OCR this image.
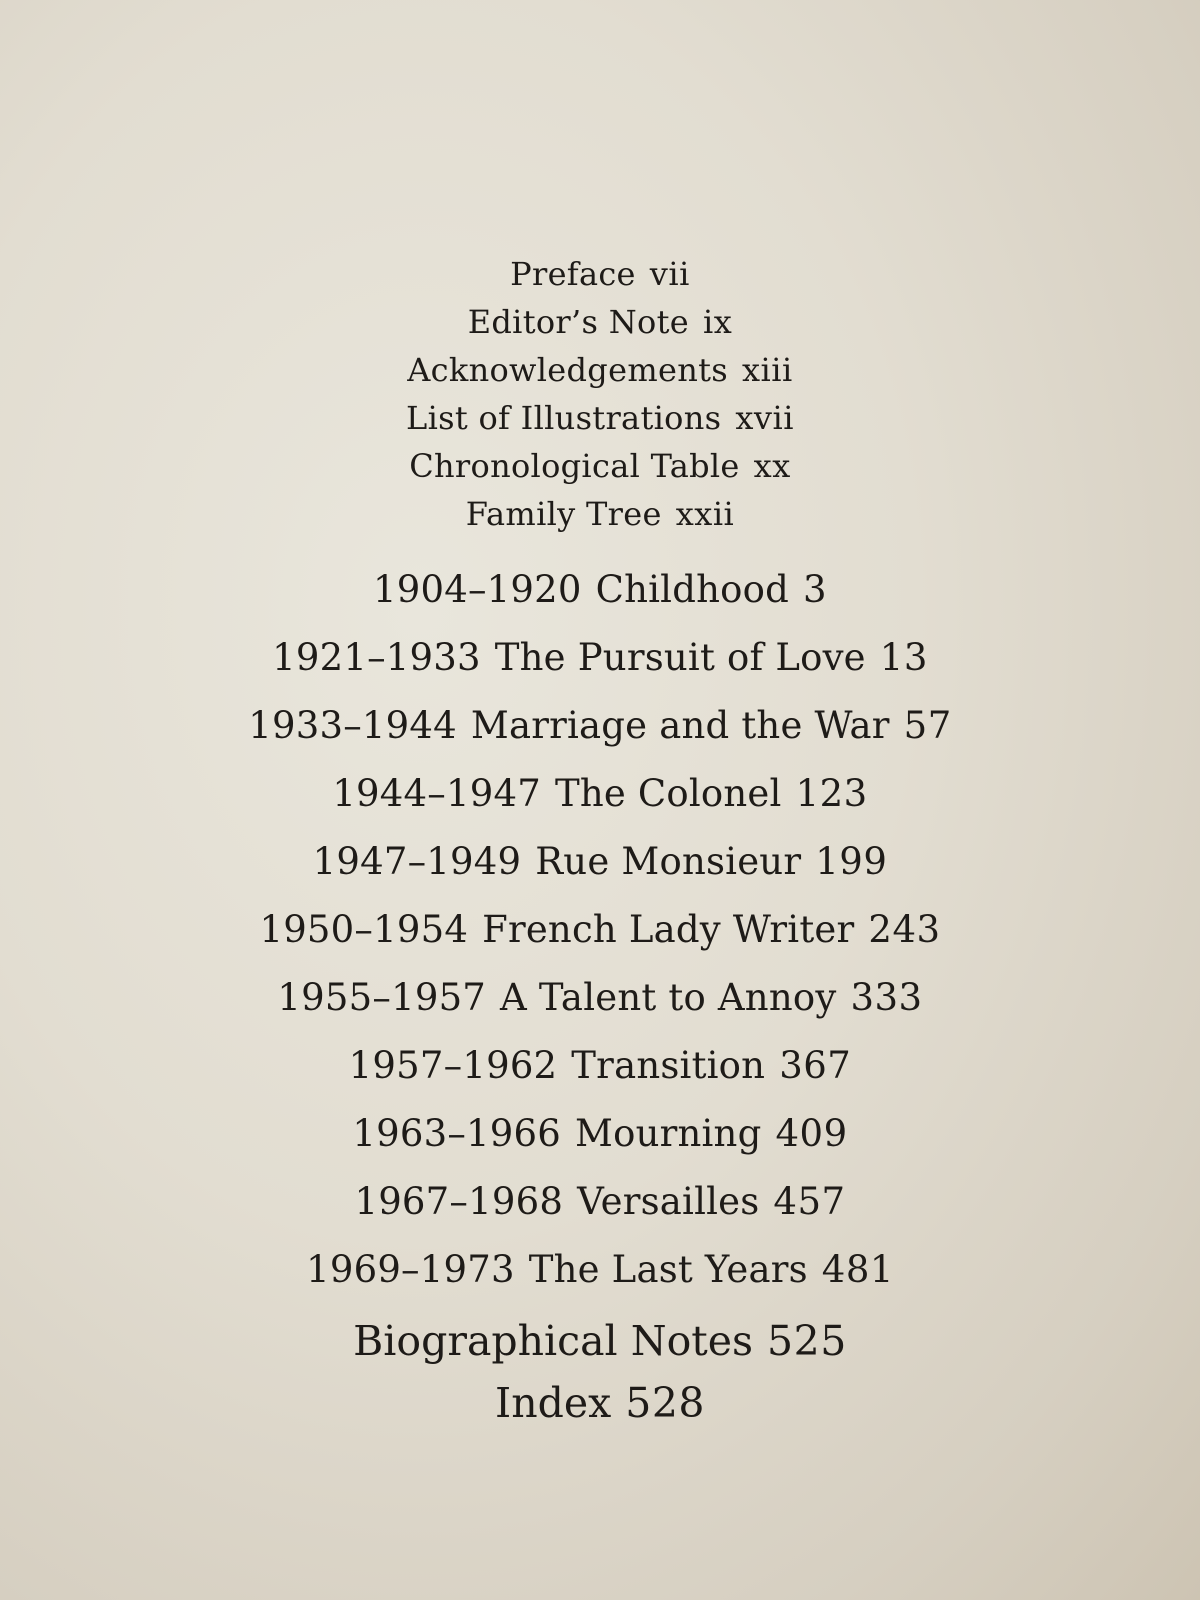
Preface vii
Editor’s Note ix
Acknowledgements xiii
List of Illustrations xvii
Chronological Table xx
Family Tree xxii
1904–1920 Childhood 3
1921–1933 The Pursuit of Love 13
1933–1944 Marriage and the War 57
1944–1947 The Colonel 123
1947–1949 Rue Monsieur 199
1950–1954 French Lady Writer 243
1955–1957 A Talent to Annoy 333
1957–1962 Transition 367
1963–1966 Mourning 409
1967–1968 Versailles 457
1969–1973 The Last Years 481
Biographical Notes 525
Index 528
